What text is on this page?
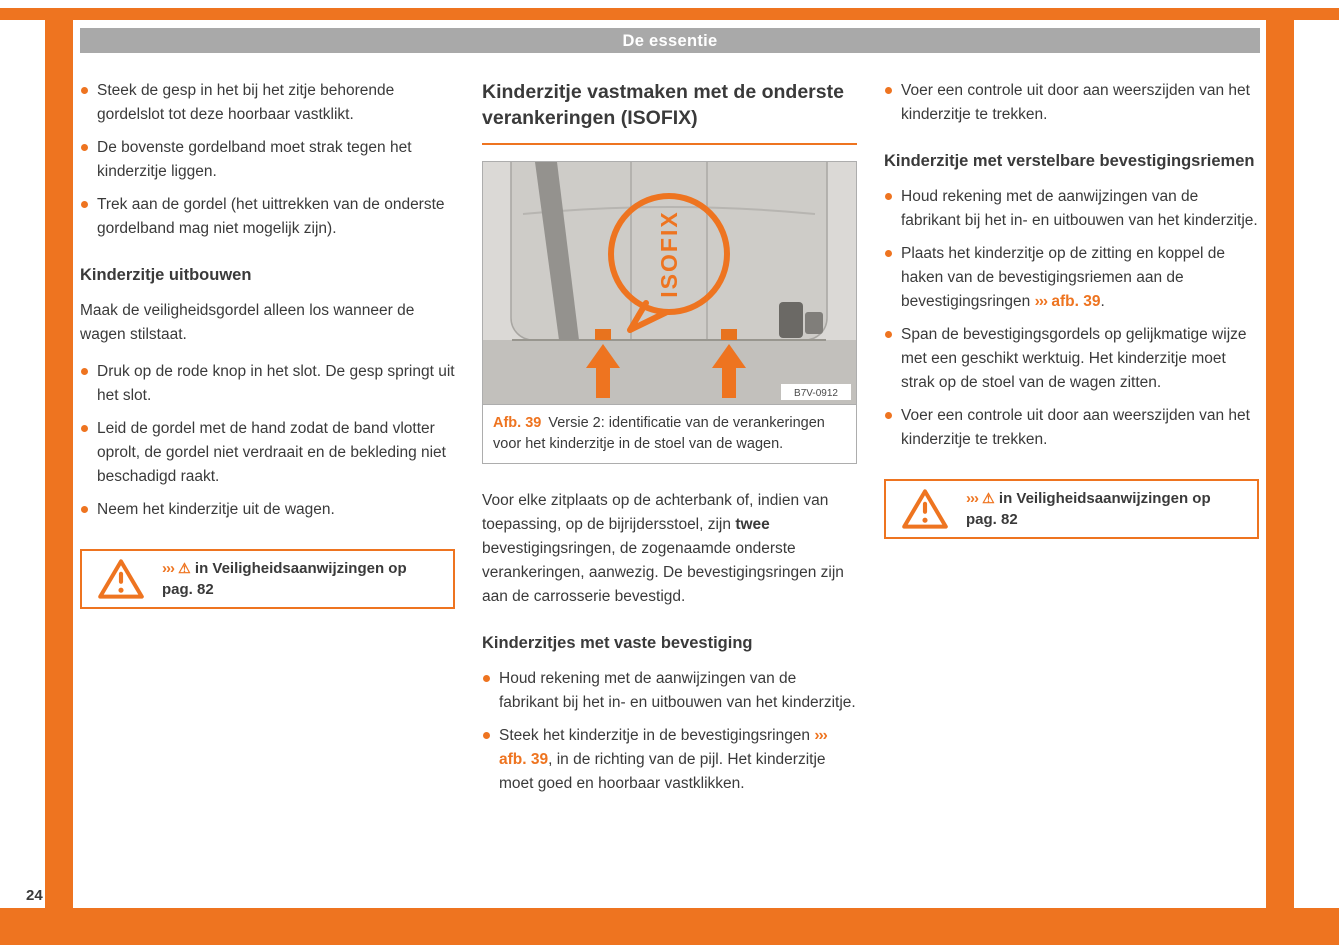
24
De essentie
Steek de gesp in het bij het zitje behorende gordelslot tot deze hoorbaar vastklikt.
De bovenste gordelband moet strak tegen het kinderzitje liggen.
Trek aan de gordel (het uittrekken van de onderste gordelband mag niet mogelijk zijn).
Kinderzitje uitbouwen

Maak de veiligheidsgordel alleen los wanneer de wagen stilstaat.

Druk op de rode knop in het slot. De gesp springt uit het slot.
Leid de gordel met de hand zodat de band vlotter oprolt, de gordel niet verdraait en de bekleding niet beschadigd raakt.
Neem het kinderzitje uit de wagen.
››› ⚠ in Veiligheidsaanwijzingen op pag. 82
Kinderzitje vastmaken met de onderste verankeringen (ISOFIX)
ISOFIX
B7V-0912
Afb. 39 Versie 2: identificatie van de verankeringen voor het kinderzitje in de stoel van de wagen.

Voor elke zitplaats op de achterbank of, indien van toepassing, op de bijrijdersstoel, zijn twee bevestigingsringen, de zogenaamde onderste verankeringen, aanwezig. De bevestigingsringen zijn aan de carrosserie bevestigd.

Kinderzitjes met vaste bevestiging
Houd rekening met de aanwijzingen van de fabrikant bij het in- en uitbouwen van het kinderzitje.
Steek het kinderzitje in de bevestigingsringen ››› afb. 39, in de richting van de pijl. Het kinderzitje moet goed en hoorbaar vastklikken.
Voer een controle uit door aan weerszijden van het kinderzitje te trekken.
Kinderzitje met verstelbare bevestigingsriemen
Houd rekening met de aanwijzingen van de fabrikant bij het in- en uitbouwen van het kinderzitje.
Plaats het kinderzitje op de zitting en koppel de haken van de bevestigingsriemen aan de bevestigingsringen ››› afb. 39.
Span de bevestigingsgordels op gelijkmatige wijze met een geschikt werktuig. Het kinderzitje moet strak op de stoel van de wagen zitten.
Voer een controle uit door aan weerszijden van het kinderzitje te trekken.
››› ⚠ in Veiligheidsaanwijzingen op pag. 82
